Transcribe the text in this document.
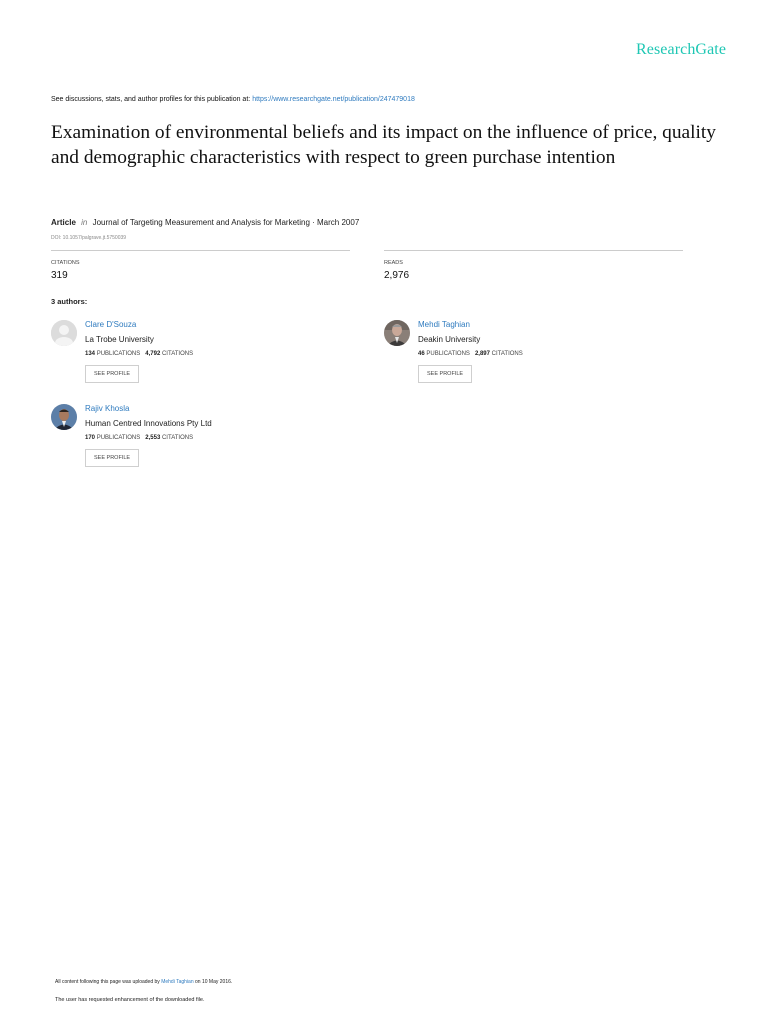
ResearchGate
See discussions, stats, and author profiles for this publication at: https://www.researchgate.net/publication/247479018
Examination of environmental beliefs and its impact on the influence of price, quality and demographic characteristics with respect to green purchase intention
Article in Journal of Targeting Measurement and Analysis for Marketing · March 2007
DOI: 10.1057/palgrave.jt.5750039
CITATIONS
319
READS
2,976
3 authors:
Clare D'Souza
La Trobe University
134 PUBLICATIONS 4,792 CITATIONS
SEE PROFILE
Mehdi Taghian
Deakin University
46 PUBLICATIONS 2,897 CITATIONS
SEE PROFILE
Rajiv Khosla
Human Centred Innovations Pty Ltd
170 PUBLICATIONS 2,553 CITATIONS
SEE PROFILE
All content following this page was uploaded by Mehdi Taghian on 10 May 2016.
The user has requested enhancement of the downloaded file.
